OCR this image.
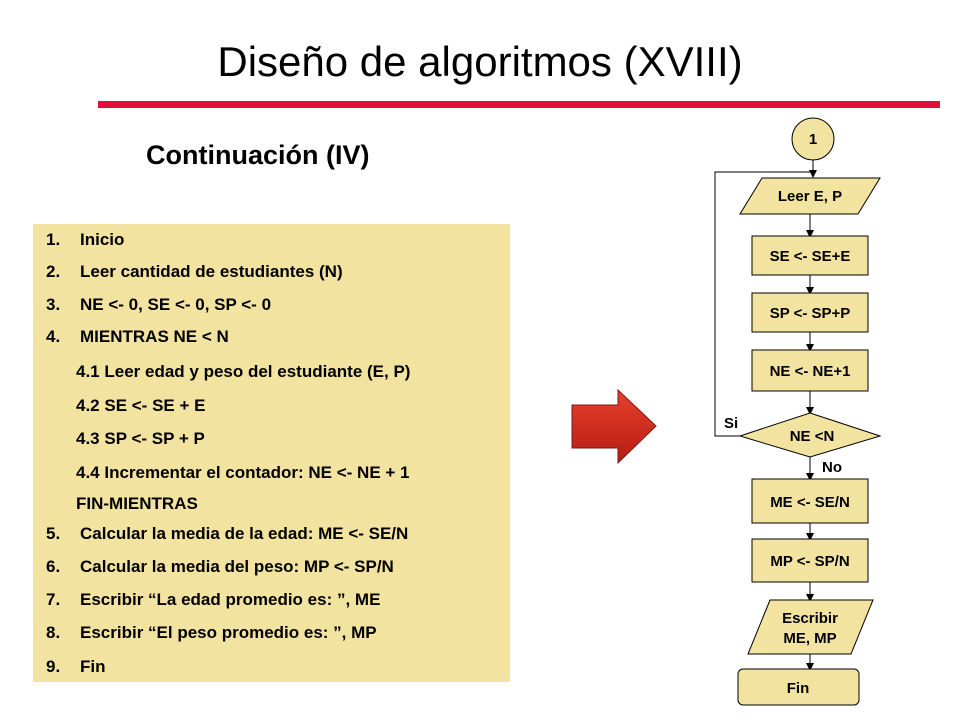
Diseño de algoritmos (XVIII)
Continuación (IV)
1. Inicio
2. Leer cantidad de estudiantes (N)
3. NE <- 0, SE <- 0, SP <- 0
4. MIENTRAS NE < N
4.1 Leer edad y peso del estudiante (E, P)
4.2 SE <- SE + E
4.3 SP <- SP + P
4.4 Incrementar el contador: NE <- NE + 1
FIN-MIENTRAS
5. Calcular la media de la edad: ME <- SE/N
6. Calcular la media del peso: MP <- SP/N
7. Escribir “La edad promedio es: ”, ME
8. Escribir “El peso promedio es: ”, MP
9. Fin
1
Leer E, P
SE <- SE+E
SP <- SP+P
NE <- NE+1
NE <N
Si
No
ME <- SE/N
MP <- SP/N
Escribir
ME, MP
Fin
